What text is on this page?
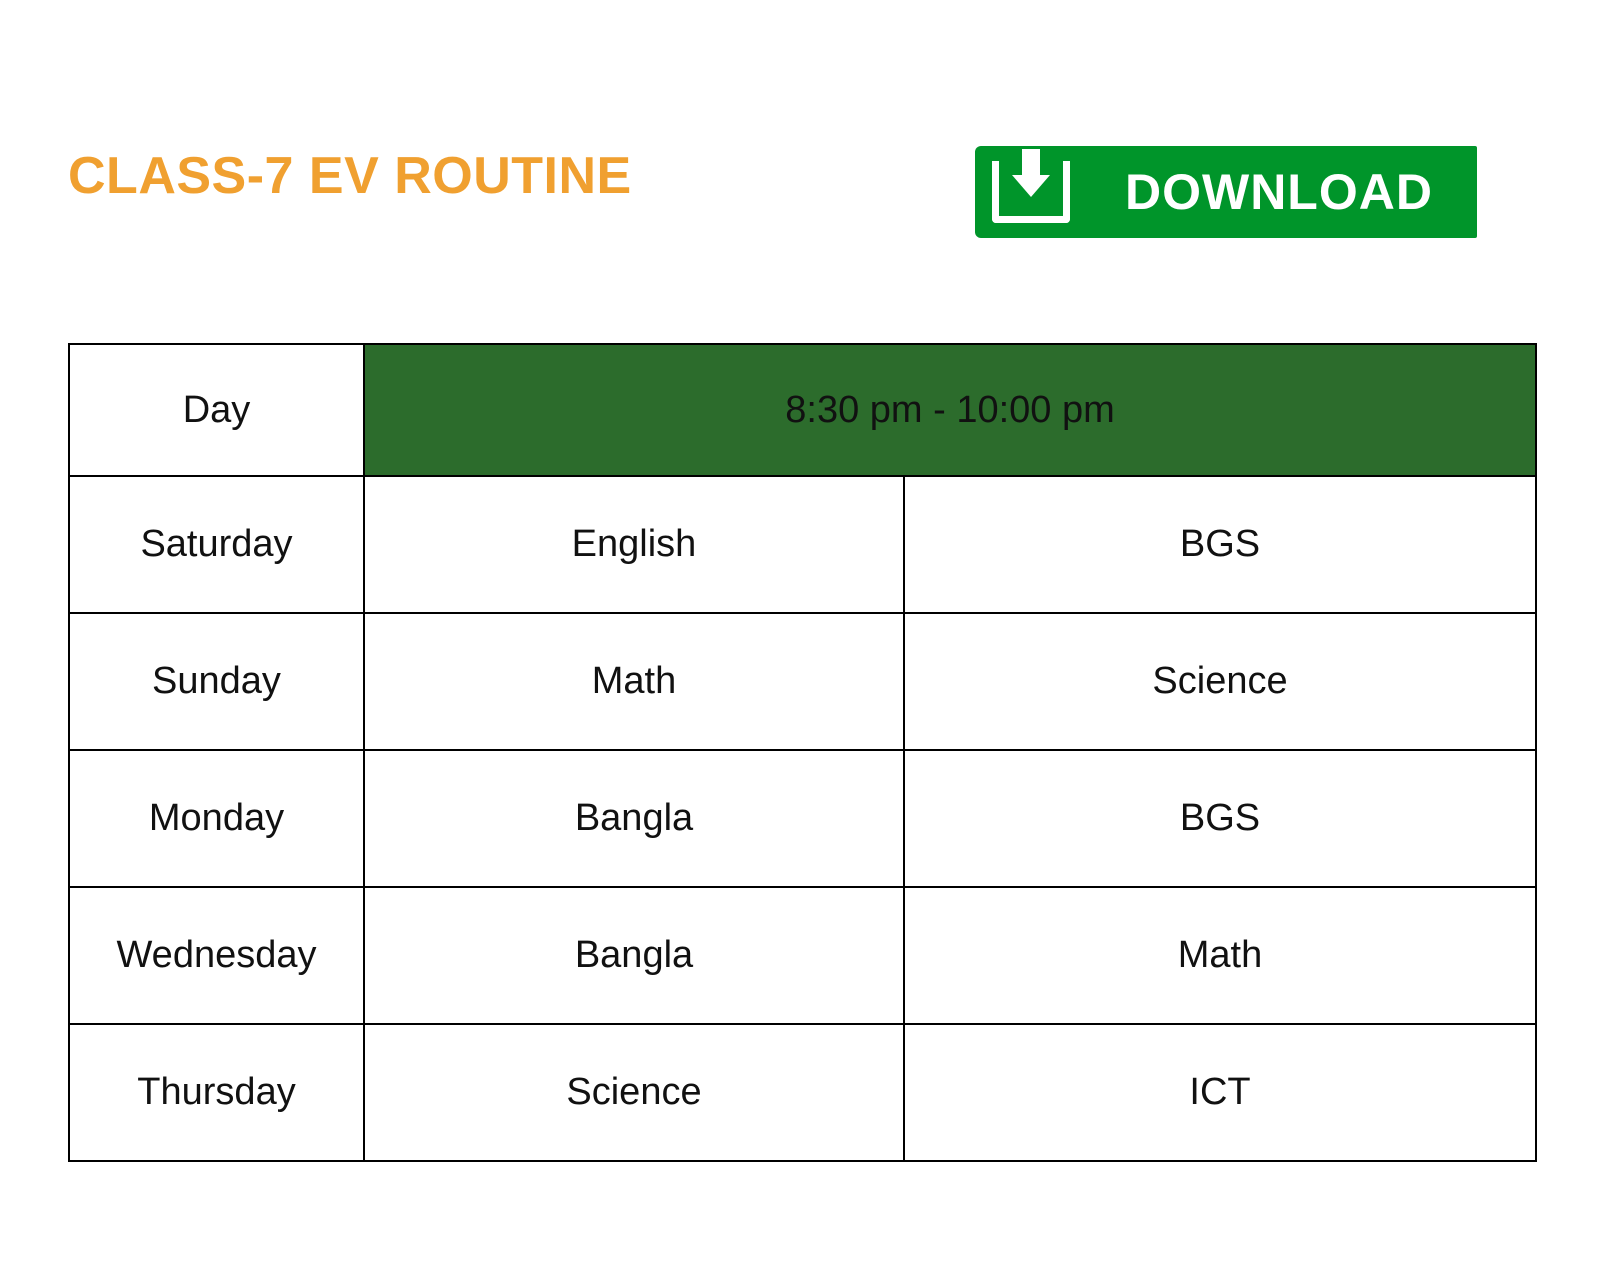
CLASS-7 EV ROUTINE	DOWNLOAD
Day	8:30 pm - 10:00 pm	
Saturday	English	BGS
Sunday	Math	Science
Monday	Bangla	BGS
Wednesday	Bangla	Math
Thursday	Science	ICT
